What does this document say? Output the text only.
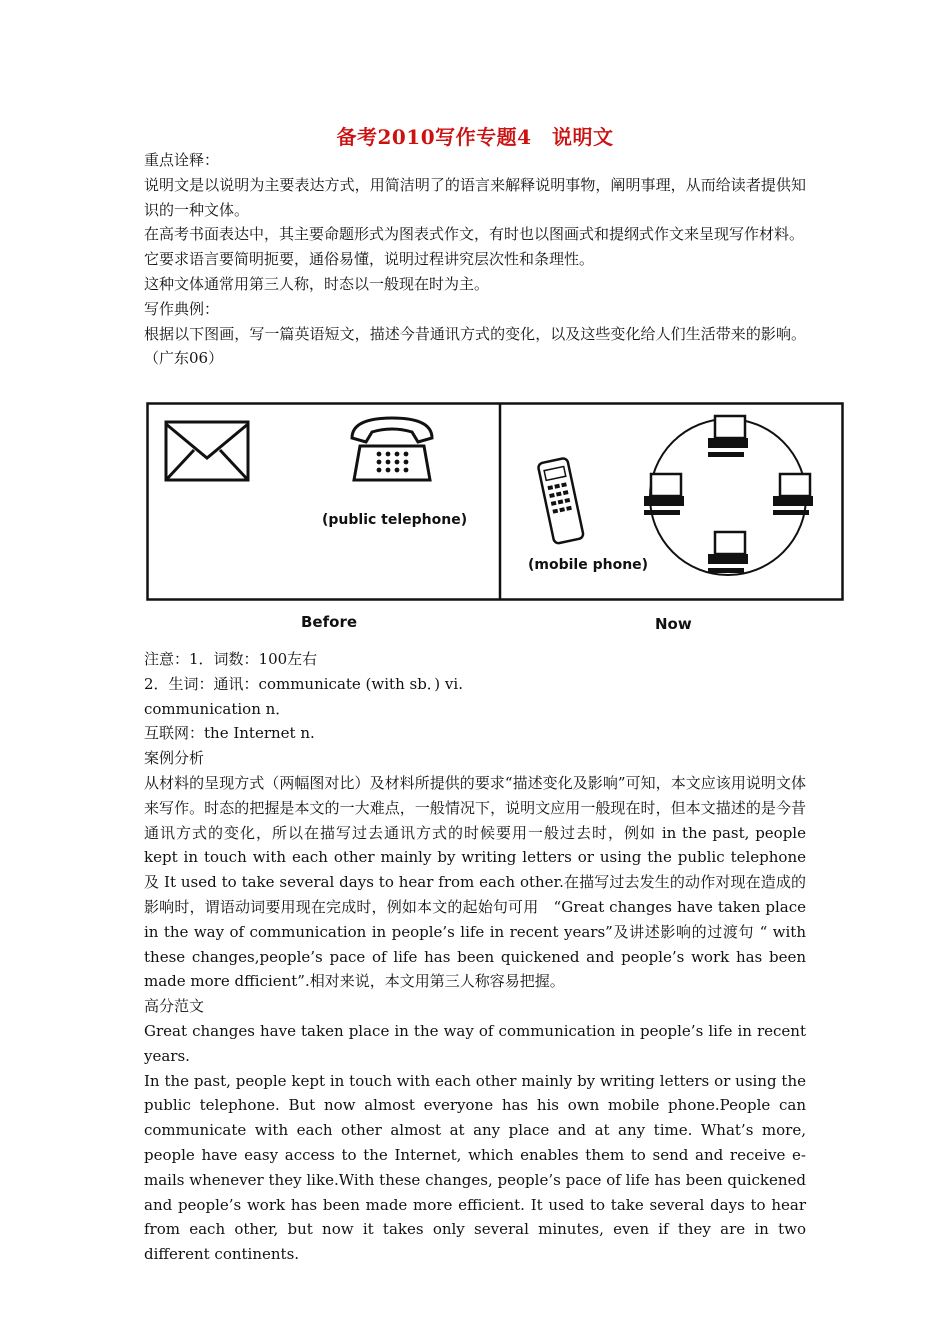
备考2010写作专题4　说明文

重点诠释：

说明文是以说明为主要表达方式，用简洁明了的语言来解释说明事物，阐明事理，从而给读者提供知识的一种文体。

在高考书面表达中，其主要命题形式为图表式作文，有时也以图画式和提纲式作文来呈现写作材料。

它要求语言要简明扼要，通俗易懂，说明过程讲究层次性和条理性。

这种文体通常用第三人称，时态以一般现在时为主。

写作典例：

根据以下图画，写一篇英语短文，描述今昔通讯方式的变化，以及这些变化给人们生活带来的影响。（广东06）

(public telephone)
(mobile phone)
Before	Now

注意：1．词数：100左右

2．生词：通讯：communicate (with sb．) vi.

communication n．

互联网：the Internet n.

案例分析

从材料的呈现方式（两幅图对比）及材料所提供的要求“描述变化及影响”可知，本文应该用说明文体来写作。时态的把握是本文的一大难点，一般情况下，说明文应用一般现在时，但本文描述的是今昔通讯方式的变化，所以在描写过去通讯方式的时候要用一般过去时，例如 in the past, people kept in touch with each other mainly by writing letters or using the public telephone　及 It used to take several days to hear from each other.在描写过去发生的动作对现在造成的影响时，谓语动词要用现在完成时，例如本文的起始句可用　“Great changes have taken place in the way of communication in people’s life in recent years”及讲述影响的过渡句 “ with these changes,people’s pace of life has been quickened and people’s work has been made more dfficient”.相对来说，本文用第三人称容易把握。

高分范文

Great changes have taken place in the way of communication in people’s life in recent years.

In the past, people kept in touch with each other mainly by writing letters or using the public telephone. But now almost everyone has his own mobile phone.People can communicate with each other almost at any place and at any time. What’s more, people have easy access to the Internet, which enables them to send and receive e-mails whenever they like.With these changes, people’s pace of life has been quickened and people’s work has been made more efficient. It used to take several days to hear from each other, but now it takes only several minutes, even if they are in two different continents.
